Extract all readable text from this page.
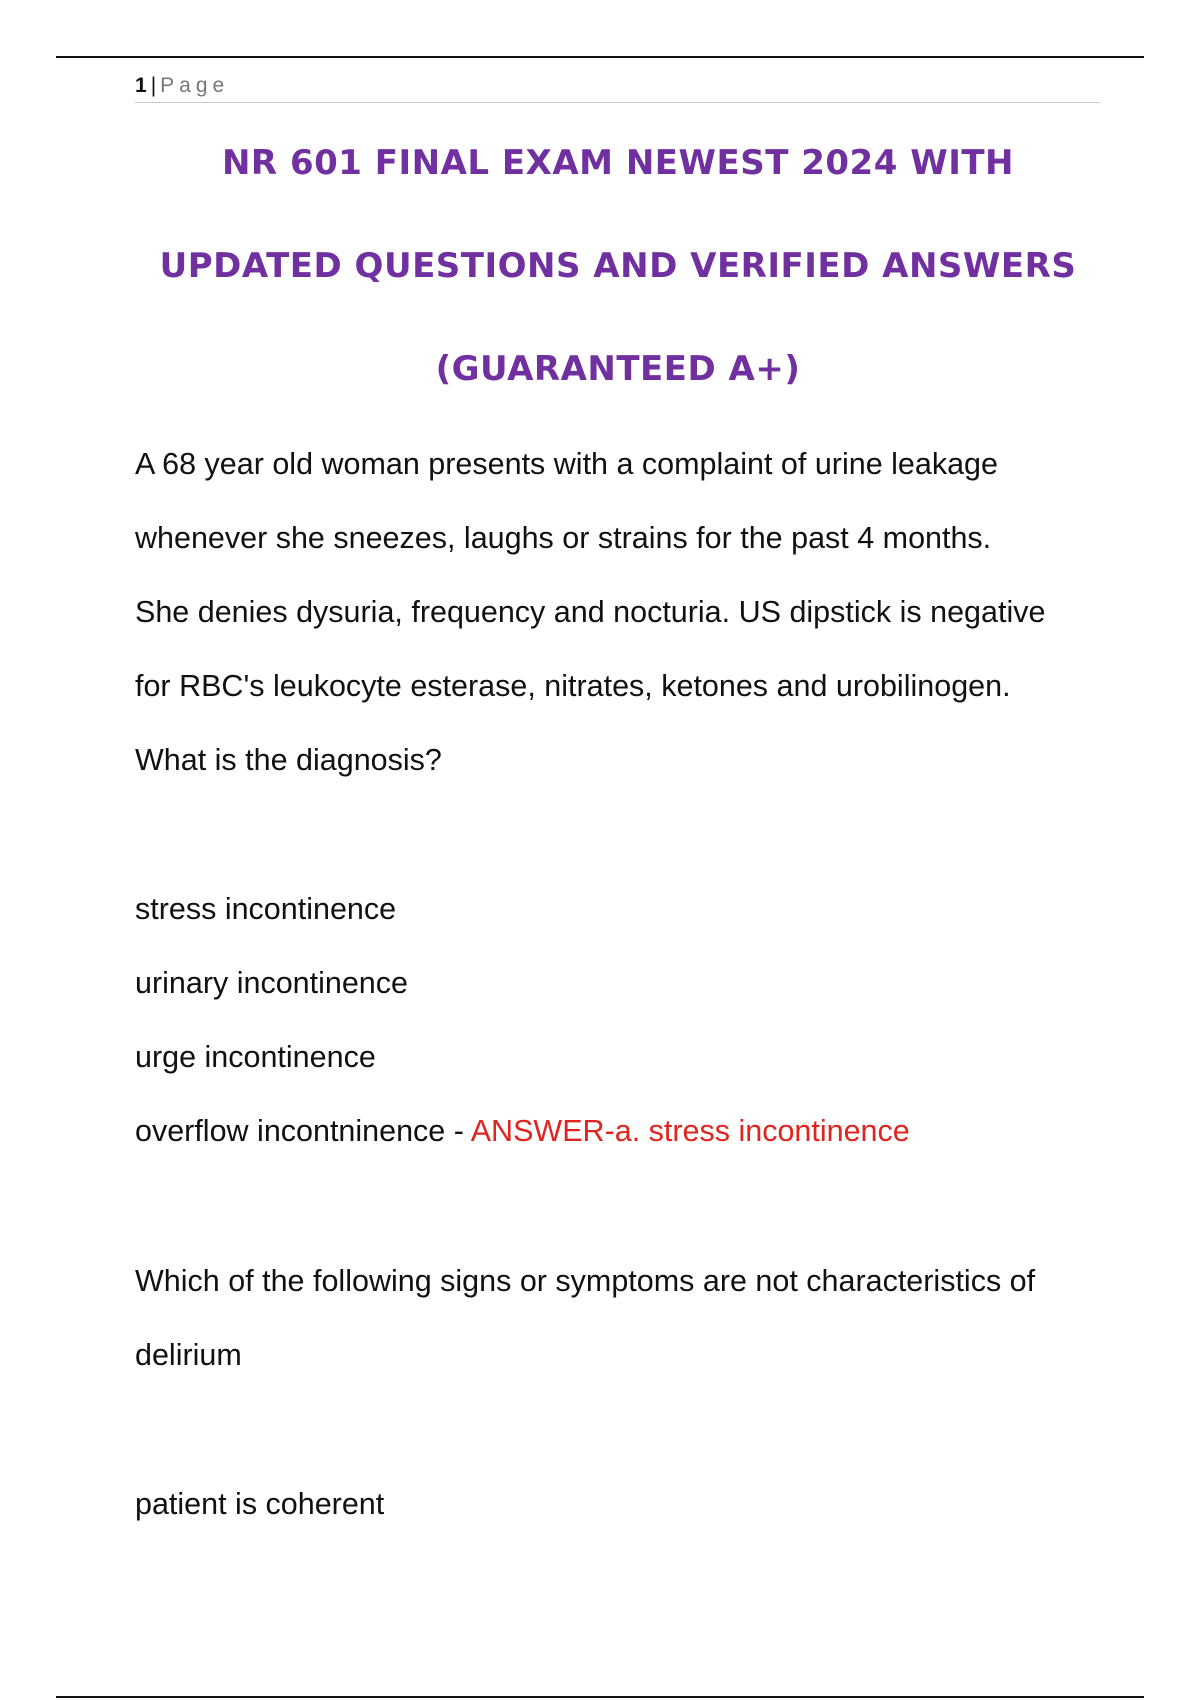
1 | Page
NR 601 FINAL EXAM NEWEST 2024 WITH
UPDATED QUESTIONS AND VERIFIED ANSWERS
(GUARANTEED A+)
A 68 year old woman presents with a complaint of urine leakage
whenever she sneezes, laughs or strains for the past 4 months.
She denies dysuria, frequency and nocturia. US dipstick is negative
for RBC's leukocyte esterase, nitrates, ketones and urobilinogen.
What is the diagnosis?
stress incontinence
urinary incontinence
urge incontinence
overflow incontninence - ANSWER-a. stress incontinence
Which of the following signs or symptoms are not characteristics of
delirium
patient is coherent
